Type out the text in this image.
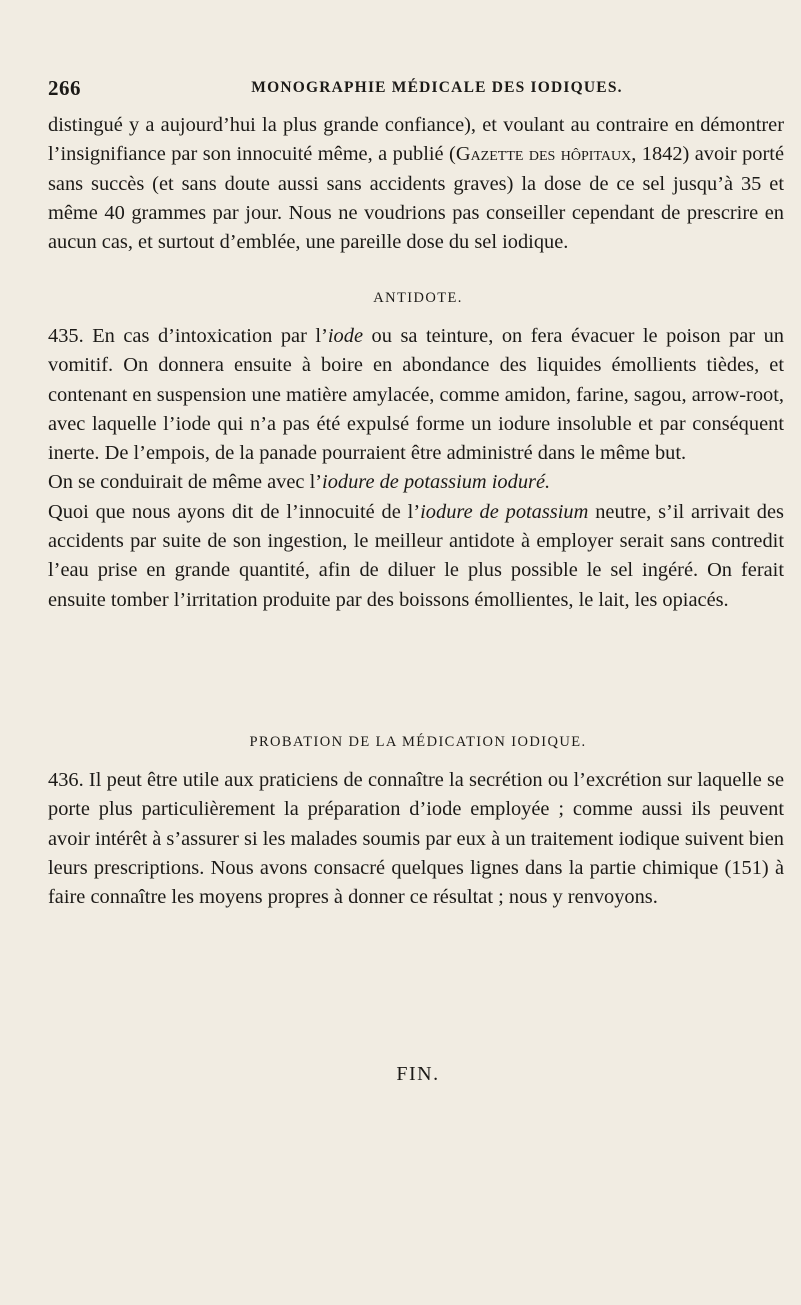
266	MONOGRAPHIE MÉDICALE DES IODIQUES.

distingué y a aujourd’hui la plus grande confiance), et voulant au contraire en démontrer l’insignifiance par son innocuité même, a publié (Gazette des hôpitaux, 1842) avoir porté sans succès (et sans doute aussi sans accidents graves) la dose de ce sel jusqu’à 35 et même 40 grammes par jour. Nous ne voudrions pas conseiller cependant de prescrire en aucun cas, et surtout d’emblée, une pareille dose du sel iodique.

ANTIDOTE.

435. En cas d’intoxication par l’iode ou sa teinture, on fera évacuer le poison par un vomitif. On donnera ensuite à boire en abondance des liquides émollients tièdes, et contenant en suspension une matière amylacée, comme amidon, farine, sagou, arrow-root, avec laquelle l’iode qui n’a pas été expulsé forme un iodure insoluble et par conséquent inerte. De l’empois, de la panade pourraient être administré dans le même but.

On se conduirait de même avec l’iodure de potassium ioduré.

Quoi que nous ayons dit de l’innocuité de l’iodure de potassium neutre, s’il arrivait des accidents par suite de son ingestion, le meilleur antidote à employer serait sans contredit l’eau prise en grande quantité, afin de diluer le plus possible le sel ingéré. On ferait ensuite tomber l’irritation produite par des boissons émollientes, le lait, les opiacés.

PROBATION DE LA MÉDICATION IODIQUE.

436. Il peut être utile aux praticiens de connaître la secrétion ou l’excrétion sur laquelle se porte plus particulièrement la préparation d’iode employée ; comme aussi ils peuvent avoir intérêt à s’assurer si les malades soumis par eux à un traitement iodique suivent bien leurs prescriptions. Nous avons consacré quelques lignes dans la partie chimique (151) à faire connaître les moyens propres à donner ce résultat ; nous y renvoyons.

FIN.
